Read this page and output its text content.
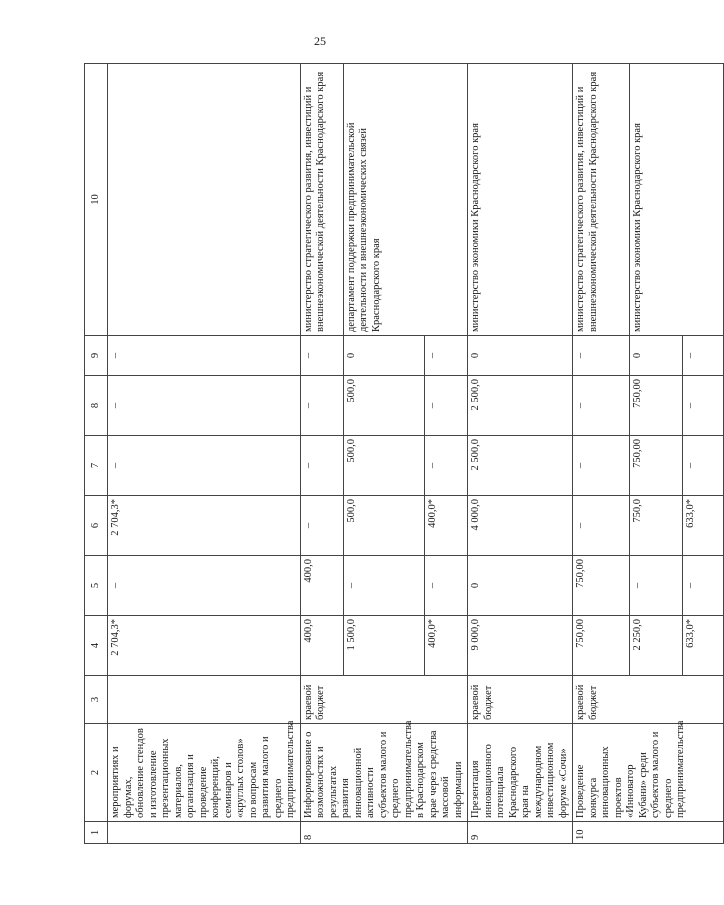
25
1	2	3	4	5	6	7	8	9	10
	мероприятиях и форумах, обновление стендов и изготовление презентационных материалов, организация и проведение конференций, семинаров и «круглых столов» по вопросам развития малого и среднего предпринимательства		2 704,3*	–	2 704,3*	–	–	–	
8	Информирование о возможностях и результатах развития инновационной активности субъектов малого и среднего предпринимательства в Краснодарском крае через средства массовой информации	краевой бюджет	400,0	400,0	–	–	–	–	министерство стратегического развития, инвестиций и внешнеэкономической деятельности Краснодарского края
			1 500,0	–	500,0	500,0	500,0	0	департамент поддержки предпринимательской деятельности и внешнеэкономических связей Краснодарского края
			400,0*	–	400,0*	–	–	–	
9	Презентация инновационного потенциала Краснодарского края на международном инвестиционном форуме «Сочи»	краевой бюджет	9 000,0	0	4 000,0	2 500,0	2 500,0	0	министерство экономики Краснодарского края
10	Проведение конкурса инновационных проектов «Инноватор Кубани» среди субъектов малого и среднего предпринимательства	краевой бюджет	750,00	750,00	–	–	–	–	министерство стратегического развития, инвестиций и внешнеэкономической деятельности Краснодарского края
			2 250,0	–	750,0	750,00	750,00	0	министерство экономики Краснодарского края
			633,0*	–	633,0*	–	–	–	
